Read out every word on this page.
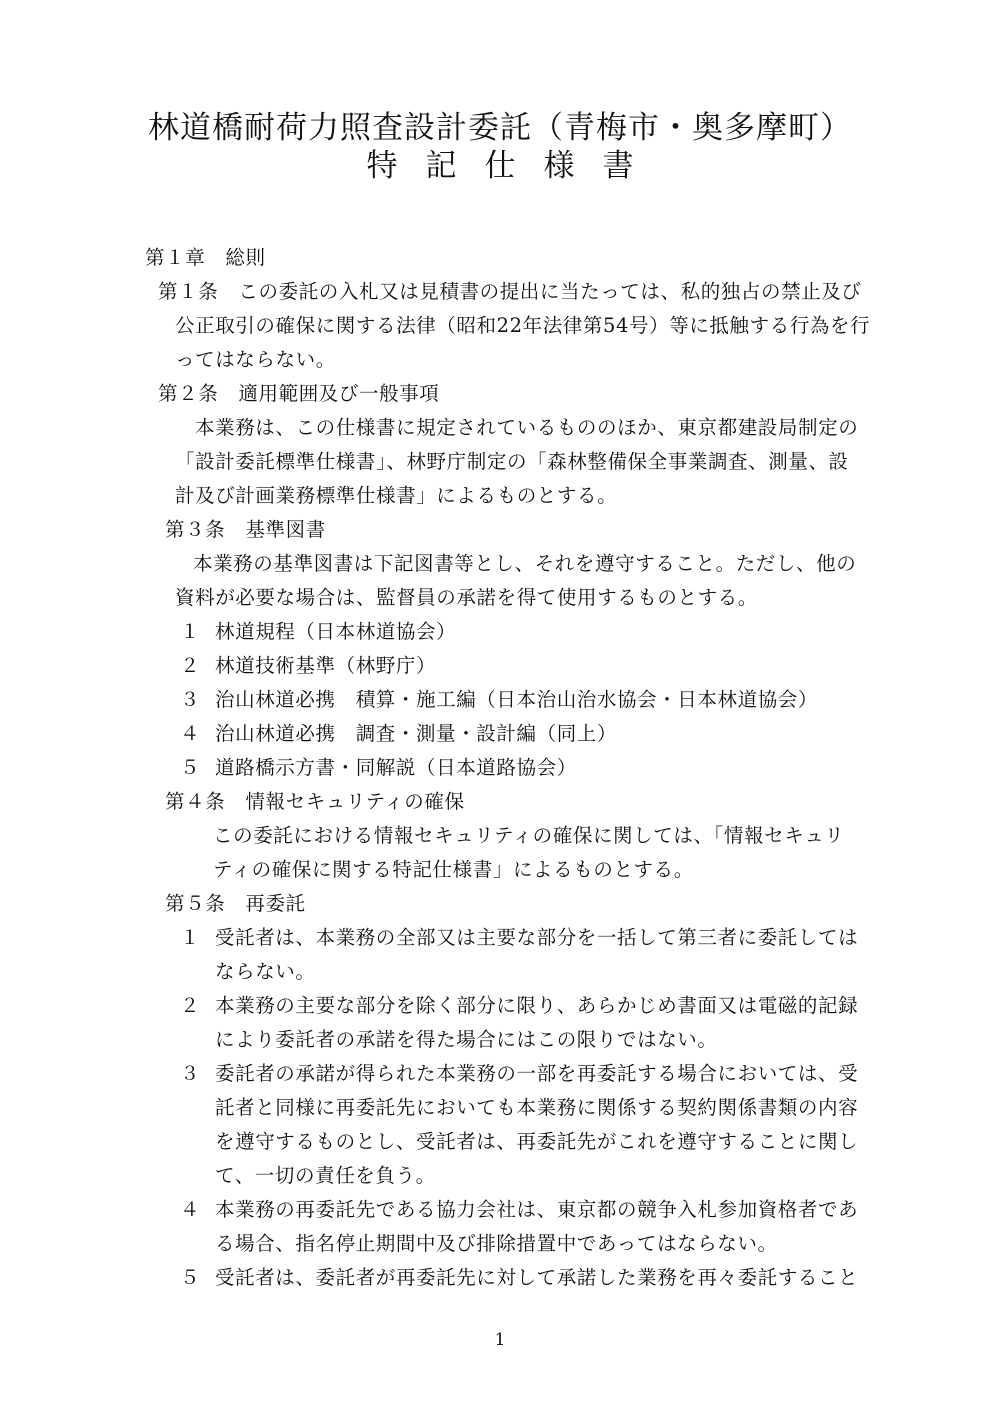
林道橋耐荷力照査設計委託（青梅市・奥多摩町）
特記仕様書
第１章　総則
第１条　この委託の入札又は見積書の提出に当たっては、私的独占の禁止及び
公正取引の確保に関する法律（昭和22年法律第54号）等に抵触する行為を行
ってはならない。
第２条　適用範囲及び一般事項
本業務は、この仕様書に規定されているもののほか、東京都建設局制定の
「設計委託標準仕様書」、林野庁制定の「森林整備保全事業調査、測量、設
計及び計画業務標準仕様書」によるものとする。
第３条　基準図書
本業務の基準図書は下記図書等とし、それを遵守すること。ただし、他の
資料が必要な場合は、監督員の承諾を得て使用するものとする。
１ 林道規程（日本林道協会）
２ 林道技術基準（林野庁）
３ 治山林道必携　積算・施工編（日本治山治水協会・日本林道協会）
４ 治山林道必携　調査・測量・設計編（同上）
５ 道路橋示方書・同解説（日本道路協会）
第４条　情報セキュリティの確保
この委託における情報セキュリティの確保に関しては、「情報セキュリ
ティの確保に関する特記仕様書」によるものとする。
第５条　再委託
１ 受託者は、本業務の全部又は主要な部分を一括して第三者に委託しては
ならない。
２ 本業務の主要な部分を除く部分に限り、あらかじめ書面又は電磁的記録
により委託者の承諾を得た場合にはこの限りではない。
３ 委託者の承諾が得られた本業務の一部を再委託する場合においては、受
託者と同様に再委託先においても本業務に関係する契約関係書類の内容
を遵守するものとし、受託者は、再委託先がこれを遵守することに関し
て、一切の責任を負う。
４ 本業務の再委託先である協力会社は、東京都の競争入札参加資格者であ
る場合、指名停止期間中及び排除措置中であってはならない。
５ 受託者は、委託者が再委託先に対して承諾した業務を再々委託すること
1
